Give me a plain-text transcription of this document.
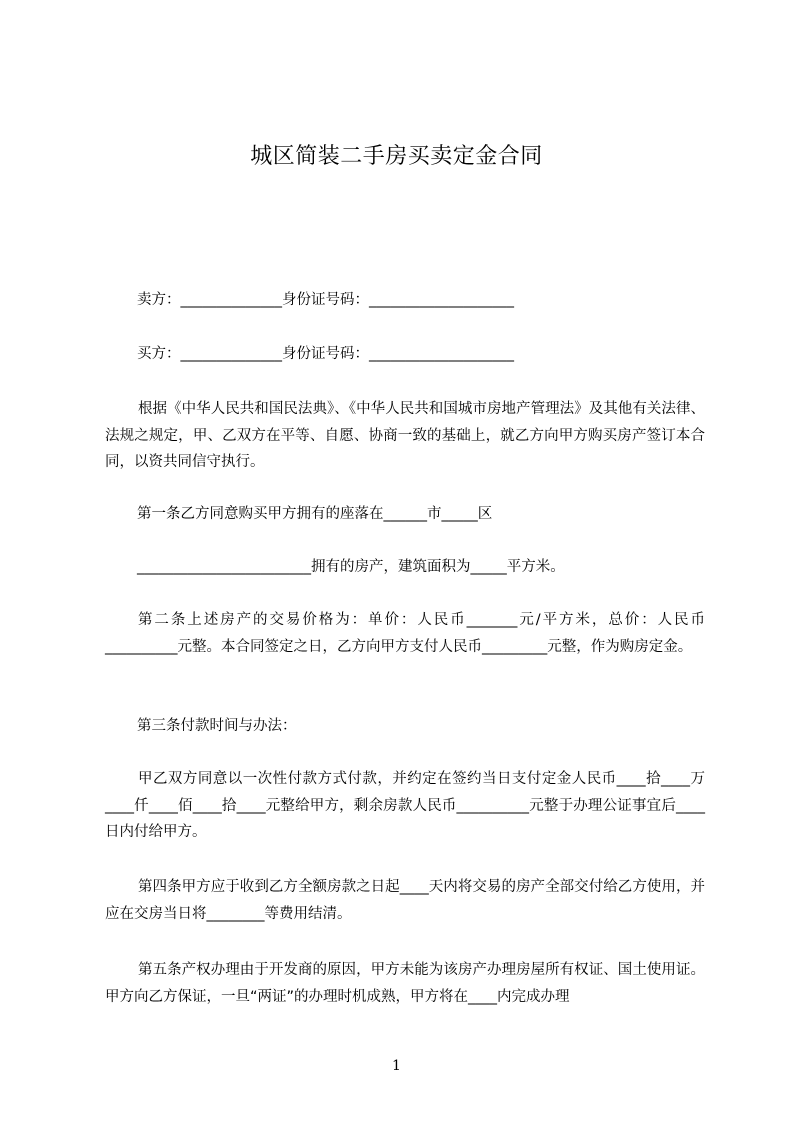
城区简装二手房买卖定金合同

卖方：______________身份证号码：____________________

买方：______________身份证号码：____________________

根据《中华人民共和国民法典》、《中华人民共和国城市房地产管理法》及其他有关法律、法规之规定，甲、乙双方在平等、自愿、协商一致的基础上，就乙方向甲方购买房产签订本合同，以资共同信守执行。

第一条乙方同意购买甲方拥有的座落在______市_____区

________________________拥有的房产，建筑面积为_____平方米。

第二条上述房产的交易价格为：单价：人民币_______元/平方米，总价：人民币__________元整。本合同签定之日，乙方向甲方支付人民币_________元整，作为购房定金。

第三条付款时间与办法：

甲乙双方同意以一次性付款方式付款，并约定在签约当日支付定金人民币____拾____万____仟____佰____拾____元整给甲方，剩余房款人民币__________元整于办理公证事宜后____日内付给甲方。

第四条甲方应于收到乙方全额房款之日起____天内将交易的房产全部交付给乙方使用，并应在交房当日将________等费用结清。

第五条产权办理由于开发商的原因，甲方未能为该房产办理房屋所有权证、国土使用证。甲方向乙方保证，一旦“两证”的办理时机成熟，甲方将在____内完成办理

1
